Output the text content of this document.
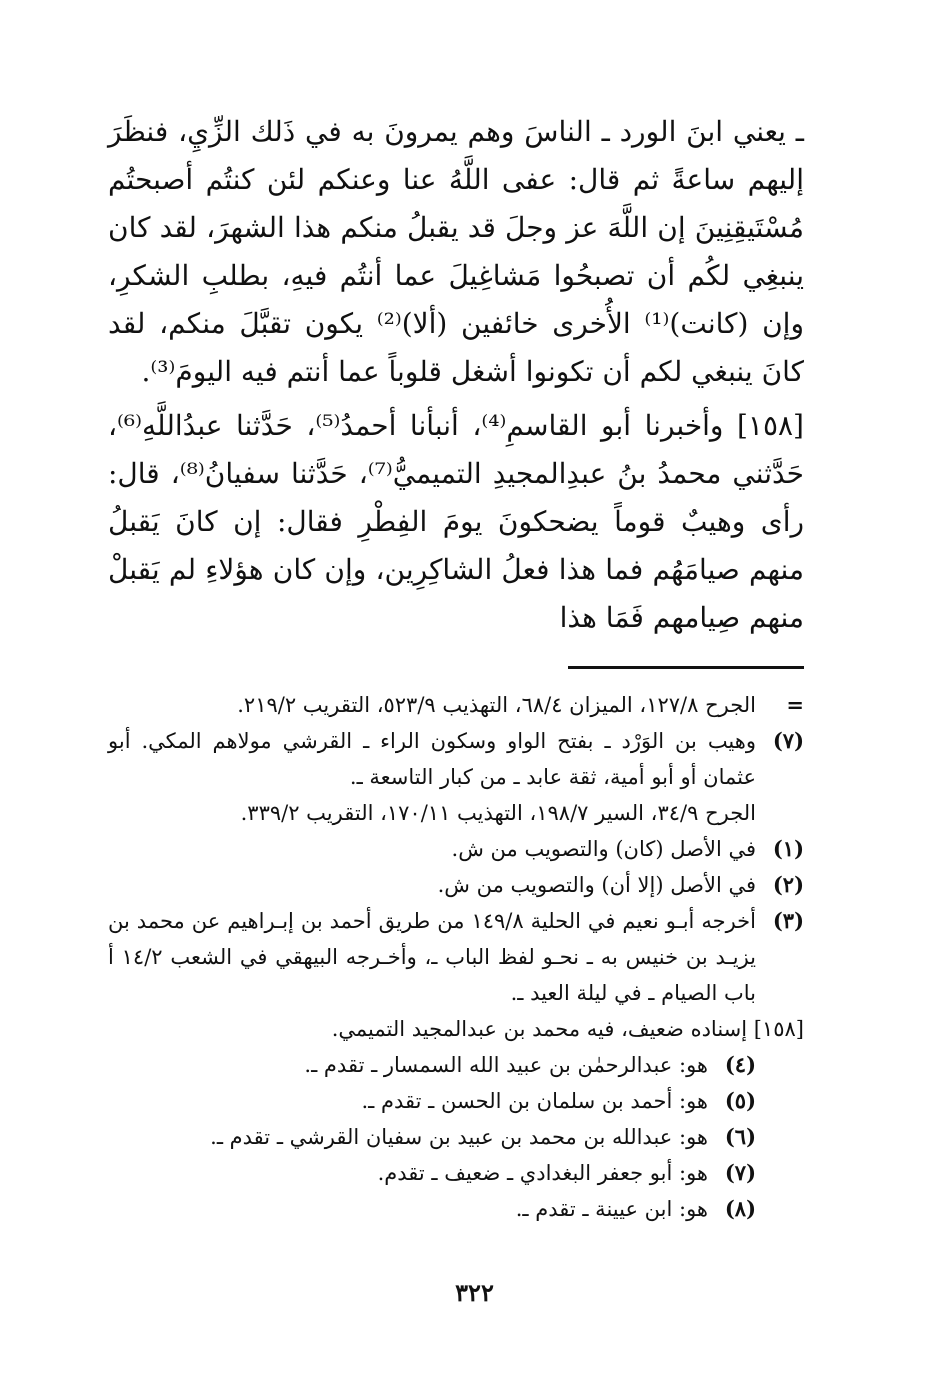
ـ يعني ابنَ الورد ـ الناسَ وهم يمرونَ به في ذَلك الزِّيِ، فنظَرَ إليهم ساعةً ثم قال: عفى اللَّهُ عنا وعنكم لئن كنتُم أصبحتُم مُسْتَيقِنِينَ إن اللَّهَ عز وجلَ قد يقبلُ منكم هذا الشهرَ، لقد كان ينبغِي لكُم أن تصبحُوا مَشاغِيلَ عما أنتُم فيهِ، بطلبِ الشكرِ، وإن (كانت)⁽¹⁾ الأُخرى خائفين (ألا)⁽²⁾ يكون تقبَّلَ منكم، لقد كانَ ينبغي لكم أن تكونوا أشغل قلوباً عما أنتم فيه اليومَ⁽³⁾.

[١٥٨] وأخبرنا أبو القاسمِ⁽⁴⁾، أنبأنا أحمدُ⁽⁵⁾، حَدَّثنا عبدُاللَّهِ⁽⁶⁾، حَدَّثني محمدُ بنُ عبدِالمجيدِ التميميُّ⁽⁷⁾، حَدَّثنا سفيانُ⁽⁸⁾، قال: رأى وهيبٌ قوماً يضحكونَ يومَ الفِطْرِ فقال: إن كانَ يَقبلُ منهم صيامَهُم فما هذا فعلُ الشاكِرِين، وإن كان هؤلاءِ لم يَقبلْ منهم صِيامهم فَمَا هذا

=
الجرح ١٢٧/٨، الميزان ٦٨/٤، التهذيب ٥٢٣/٩، التقريب ٢١٩/٢.
(٧)
وهيب بن الوَرْد ـ بفتح الواو وسكون الراء ـ القرشي مولاهم المكي. أبو عثمان أو أبو أمية، ثقة عابد ـ من كبار التاسعة ـ.
الجرح ٣٤/٩، السير ١٩٨/٧، التهذيب ١٧٠/١١، التقريب ٣٣٩/٢.
(١)
في الأصل (كان) والتصويب من ش.
(٢)
في الأصل (إلا أن) والتصويب من ش.
(٣)
أخرجه أبـو نعيم في الحلية ١٤٩/٨ من طريق أحمد بن إبـراهيم عن محمد بن يزيـد بن خنيس به ـ نحـو لفظ الباب ـ، وأخـرجه البيهقي في الشعب ١٤/٢ أ باب الصيام ـ في ليلة العيد ـ.
[١٥٨] إسناده ضعيف، فيه محمد بن عبدالمجيد التميمي.
(٤)
هو: عبدالرحمٰن بن عبيد الله السمسار ـ تقدم ـ.
(٥)
هو: أحمد بن سلمان بن الحسن ـ تقدم ـ.
(٦)
هو: عبدالله بن محمد بن عبيد بن سفيان القرشي ـ تقدم ـ.
(٧)
هو: أبو جعفر البغدادي ـ ضعيف ـ تقدم.
(٨)
هو: ابن عيينة ـ تقدم ـ.
٣٢٢
